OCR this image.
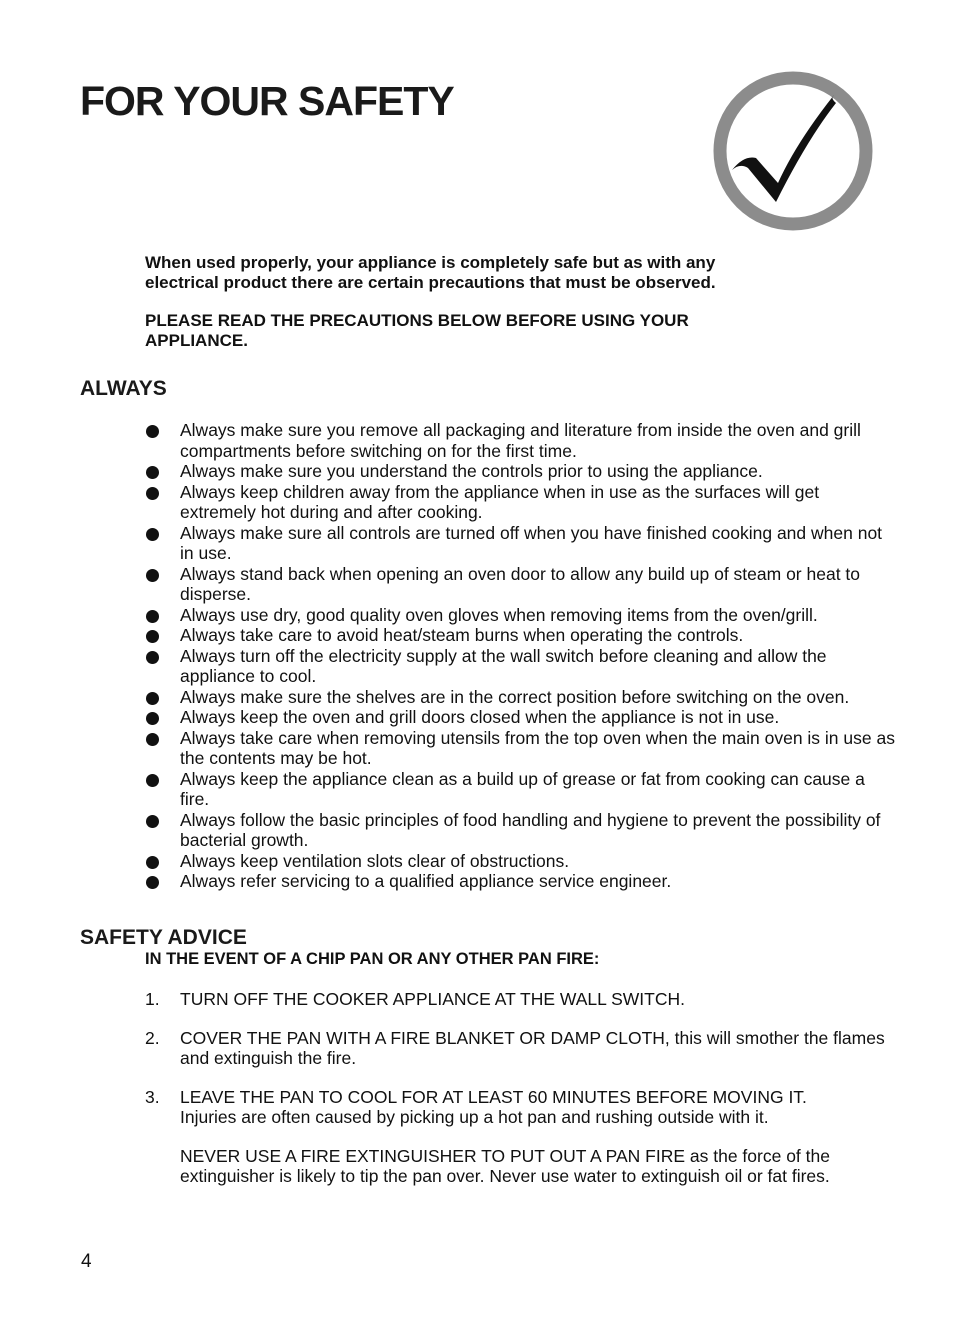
FOR YOUR SAFETY

When used properly, your appliance is completely safe but as with any electrical product there are certain precautions that must be observed.

PLEASE READ THE PRECAUTIONS BELOW BEFORE USING YOUR APPLIANCE.

ALWAYS
Always make sure you remove all packaging and literature from inside the oven and grill compartments before switching on for the first time.
Always make sure you understand the controls prior to using the appliance.
Always keep children away from the appliance when in use as the surfaces will get extremely hot during and after cooking.
Always make sure all controls are turned off when you have finished cooking and when not in use.
Always stand back when opening an oven door to allow any build up of steam or heat to disperse.
Always use dry, good quality oven gloves when removing items from the oven/grill.
Always take care to avoid heat/steam burns when operating the controls.
Always turn off the electricity supply at the wall switch before cleaning and allow the appliance to cool.
Always make sure the shelves are in the correct position before switching on the oven.
Always keep the oven and grill doors closed when the appliance is not in use.
Always take care when removing utensils from the top oven when the main oven is in use as the contents may be hot.
Always keep the appliance clean as a build up of grease or fat from cooking can cause a fire.
Always follow the basic principles of food handling and hygiene to prevent the possibility of bacterial growth.
Always keep ventilation slots clear of obstructions.
Always refer servicing to a qualified appliance service engineer.
SAFETY ADVICE
IN THE EVENT OF A CHIP PAN OR ANY OTHER PAN FIRE:
1. TURN OFF THE COOKER APPLIANCE AT THE WALL SWITCH.
2. COVER THE PAN WITH A FIRE BLANKET OR DAMP CLOTH, this will smother the flames and extinguish the fire.
3. LEAVE THE PAN TO COOL FOR AT LEAST 60 MINUTES BEFORE MOVING IT.
Injuries are often caused by picking up a hot pan and rushing outside with it.
NEVER USE A FIRE EXTINGUISHER TO PUT OUT A PAN FIRE as the force of the extinguisher is likely to tip the pan over. Never use water to extinguish oil or fat fires.
4
